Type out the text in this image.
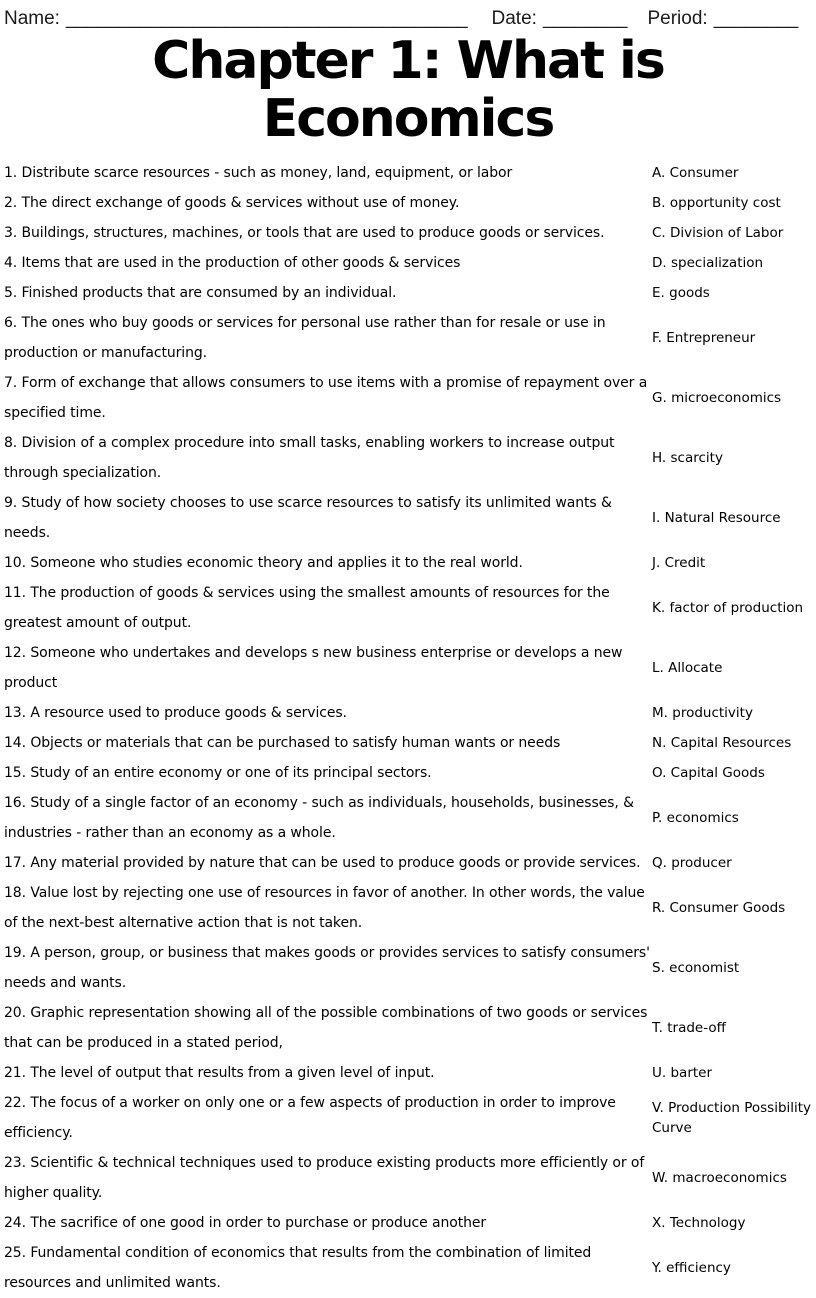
Name: ______________________________________ Date: ________ Period: ________
Chapter 1: What is Economics
1. Distribute scarce resources - such as money, land, equipment, or labor	A. Consumer
2. The direct exchange of goods & services without use of money.	B. opportunity cost
3. Buildings, structures, machines, or tools that are used to produce goods or services.	C. Division of Labor
4. Items that are used in the production of other goods & services	D. specialization
5. Finished products that are consumed by an individual.	E. goods
6. The ones who buy goods or services for personal use rather than for resale or use in production or manufacturing.
F. Entrepreneur
7. Form of exchange that allows consumers to use items with a promise of repayment over a specified time.
G. microeconomics
8. Division of a complex procedure into small tasks, enabling workers to increase output through specialization.
H. scarcity
9. Study of how society chooses to use scarce resources to satisfy its unlimited wants & needs.
I. Natural Resource
10. Someone who studies economic theory and applies it to the real world.	J. Credit
11. The production of goods & services using the smallest amounts of resources for the greatest amount of output.
K. factor of production
12. Someone who undertakes and develops s new business enterprise or develops a new product
L. Allocate
13. A resource used to produce goods & services.	M. productivity
14. Objects or materials that can be purchased to satisfy human wants or needs	N. Capital Resources
15. Study of an entire economy or one of its principal sectors.	O. Capital Goods
16. Study of a single factor of an economy - such as individuals, households, businesses, & industries - rather than an economy as a whole.
P. economics
17. Any material provided by nature that can be used to produce goods or provide services. Q. producer
18. Value lost by rejecting one use of resources in favor of another. In other words, the value of the next-best alternative action that is not taken.
R. Consumer Goods
19. A person, group, or business that makes goods or provides services to satisfy consumers' needs and wants.
S. economist
20. Graphic representation showing all of the possible combinations of two goods or services that can be produced in a stated period,
T. trade-off
21. The level of output that results from a given level of input.	U. barter
22. The focus of a worker on only one or a few aspects of production in order to improve efficiency.
V. Production Possibility Curve
23. Scientific & technical techniques used to produce existing products more efficiently or of higher quality.
W. macroeconomics
24. The sacrifice of one good in order to purchase or produce another	X. Technology
25. Fundamental condition of economics that results from the combination of limited resources and unlimited wants.
Y. efficiency
